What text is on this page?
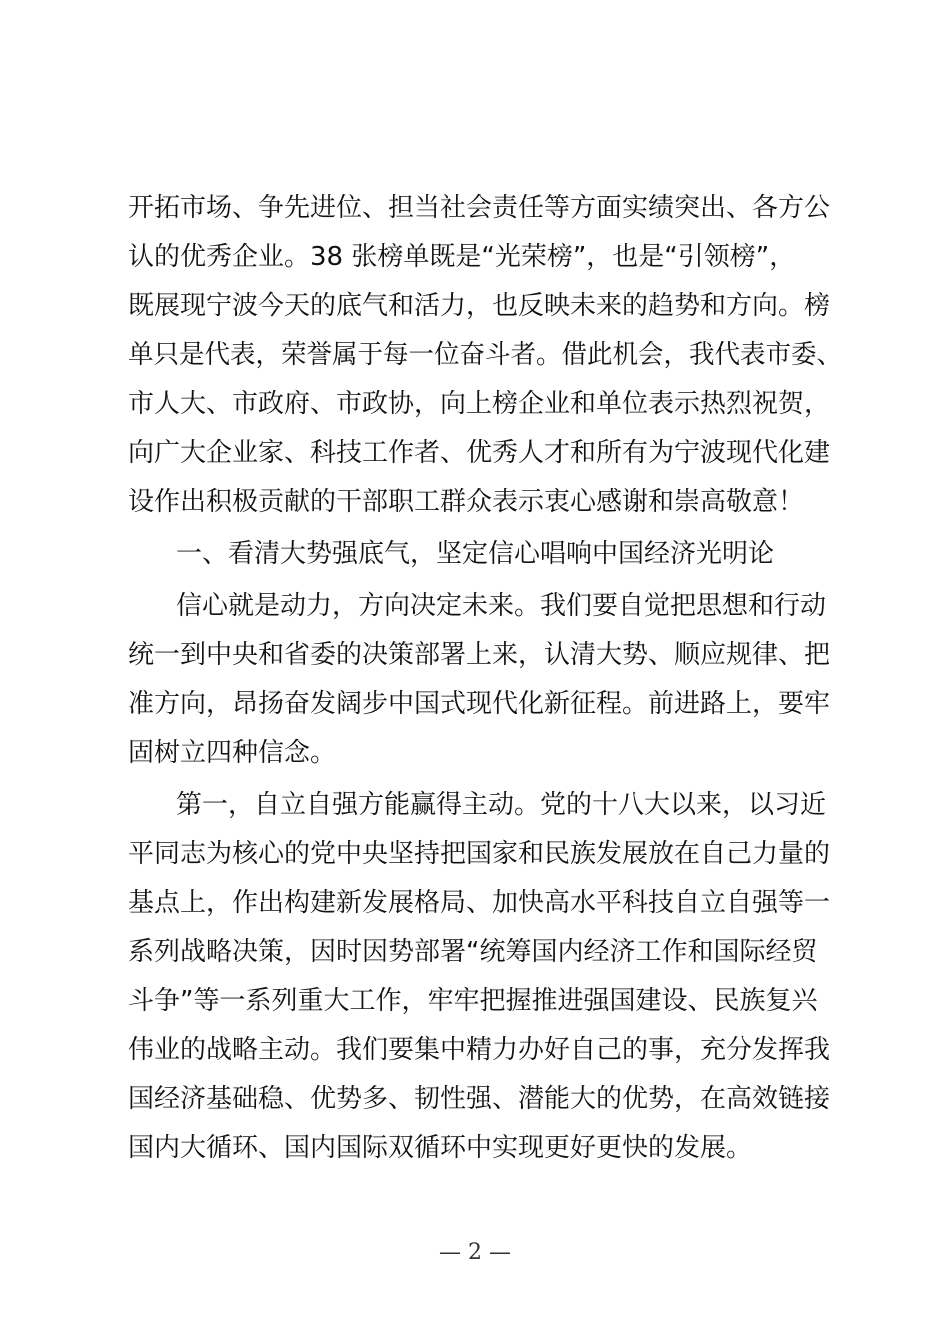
开拓市场、争先进位、担当社会责任等方面实绩突出、各方公
认的优秀企业。38 张榜单既是“光荣榜”，也是“引领榜”，
既展现宁波今天的底气和活力，也反映未来的趋势和方向。榜
单只是代表，荣誉属于每一位奋斗者。借此机会，我代表市委、
市人大、市政府、市政协，向上榜企业和单位表示热烈祝贺，
向广大企业家、科技工作者、优秀人才和所有为宁波现代化建
设作出积极贡献的干部职工群众表示衷心感谢和崇高敬意！
一、看清大势强底气，坚定信心唱响中国经济光明论
信心就是动力，方向决定未来。我们要自觉把思想和行动
统一到中央和省委的决策部署上来，认清大势、顺应规律、把
准方向，昂扬奋发阔步中国式现代化新征程。前进路上，要牢
固树立四种信念。
第一，自立自强方能赢得主动。党的十八大以来，以习近
平同志为核心的党中央坚持把国家和民族发展放在自己力量的
基点上，作出构建新发展格局、加快高水平科技自立自强等一
系列战略决策，因时因势部署“统筹国内经济工作和国际经贸
斗争”等一系列重大工作，牢牢把握推进强国建设、民族复兴
伟业的战略主动。我们要集中精力办好自己的事，充分发挥我
国经济基础稳、优势多、韧性强、潜能大的优势，在高效链接
国内大循环、国内国际双循环中实现更好更快的发展。
— 2 —
